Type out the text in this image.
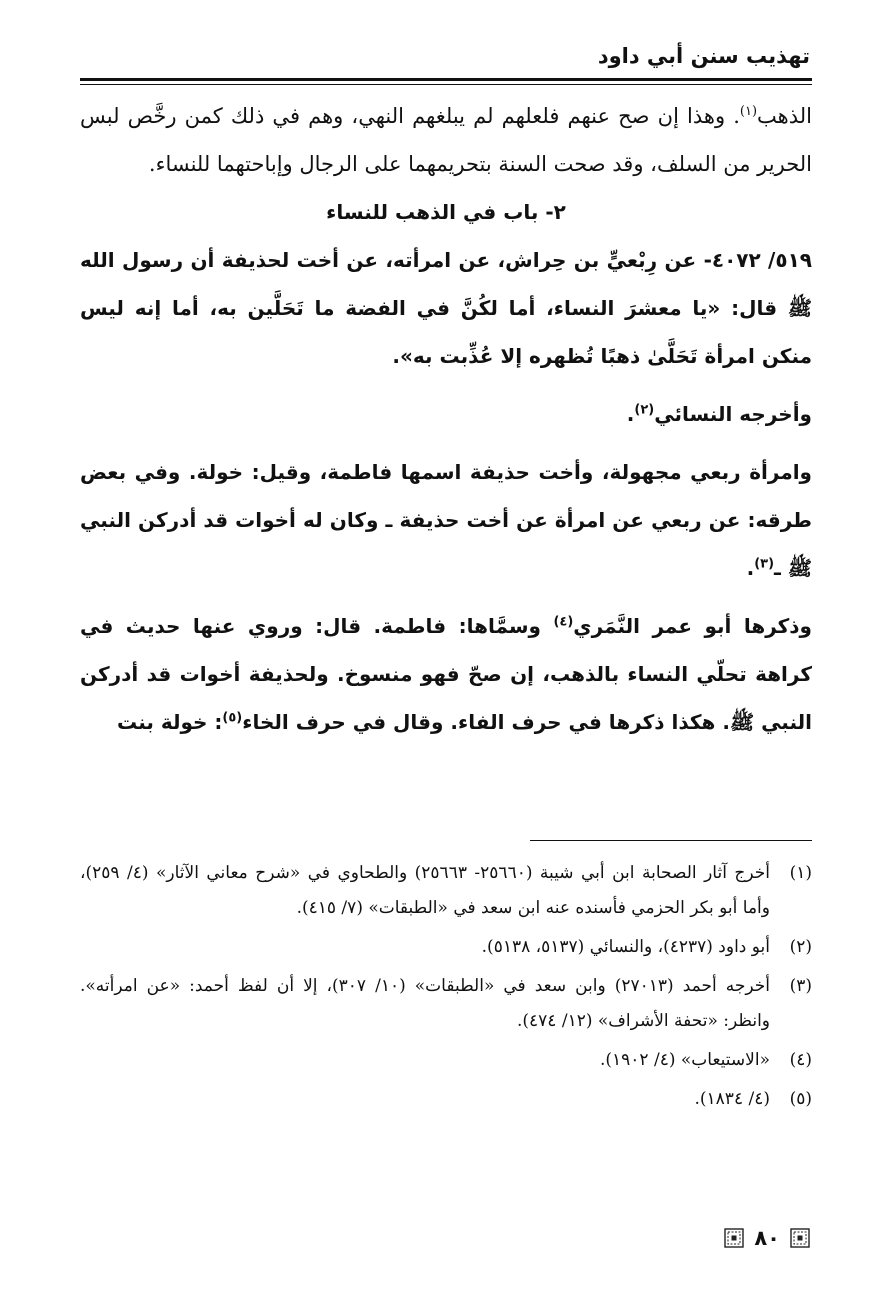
تهذيب سنن أبي داود

الذهب$^{(١)}$. وهذا إن صح عنهم فلعلهم لم يبلغهم النهي، وهم في ذلك كمن رخَّص لبس الحرير من السلف، وقد صحت السنة بتحريمهما على الرجال وإباحتهما للنساء.

٢- باب في الذهب للنساء

٥١٩/ ٤٠٧٢- عن رِبْعيٍّ بن حِراش، عن امرأته، عن أخت لحذيفة أن رسول الله ﷺ قال: «يا معشرَ النساء، أما لكُنَّ في الفضة ما تَحَلَّين به، أما إنه ليس منكن امرأة تَحَلَّىٰ ذهبًا تُظهره إلا عُذِّبت به».

وأخرجه النسائي$^{(٢)}$.

وامرأة ربعي مجهولة، وأخت حذيفة اسمها فاطمة، وقيل: خولة. وفي بعض طرقه: عن ربعي عن امرأة عن أخت حذيفة ـ وكان له أخوات قد أدركن النبي ﷺ ـ$^{(٣)}$.

وذكرها أبو عمر النَّمَري$^{(٤)}$ وسمَّاها: فاطمة. قال: وروي عنها حديث في كراهة تحلّي النساء بالذهب، إن صحّ فهو منسوخ. ولحذيفة أخوات قد أدركن النبي ﷺ. هكذا ذكرها في حرف الفاء. وقال في حرف الخاء$^{(٥)}$: خولة بنت

(١)
أخرج آثار الصحابة ابن أبي شيبة (٢٥٦٦٠- ٢٥٦٦٣) والطحاوي في «شرح معاني الآثار» (٤/ ٢٥٩)، وأما أبو بكر الحزمي فأسنده عنه ابن سعد في «الطبقات» (٧/ ٤١٥).
(٢)
أبو داود (٤٢٣٧)، والنسائي (٥١٣٧، ٥١٣٨).
(٣)
أخرجه أحمد (٢٧٠١٣) وابن سعد في «الطبقات» (١٠/ ٣٠٧)، إلا أن لفظ أحمد: «عن امرأته». وانظر: «تحفة الأشراف» (١٢/ ٤٧٤).
(٤)
«الاستيعاب» (٤/ ١٩٠٢).
(٥)
(٤/ ١٨٣٤).
٨٠
